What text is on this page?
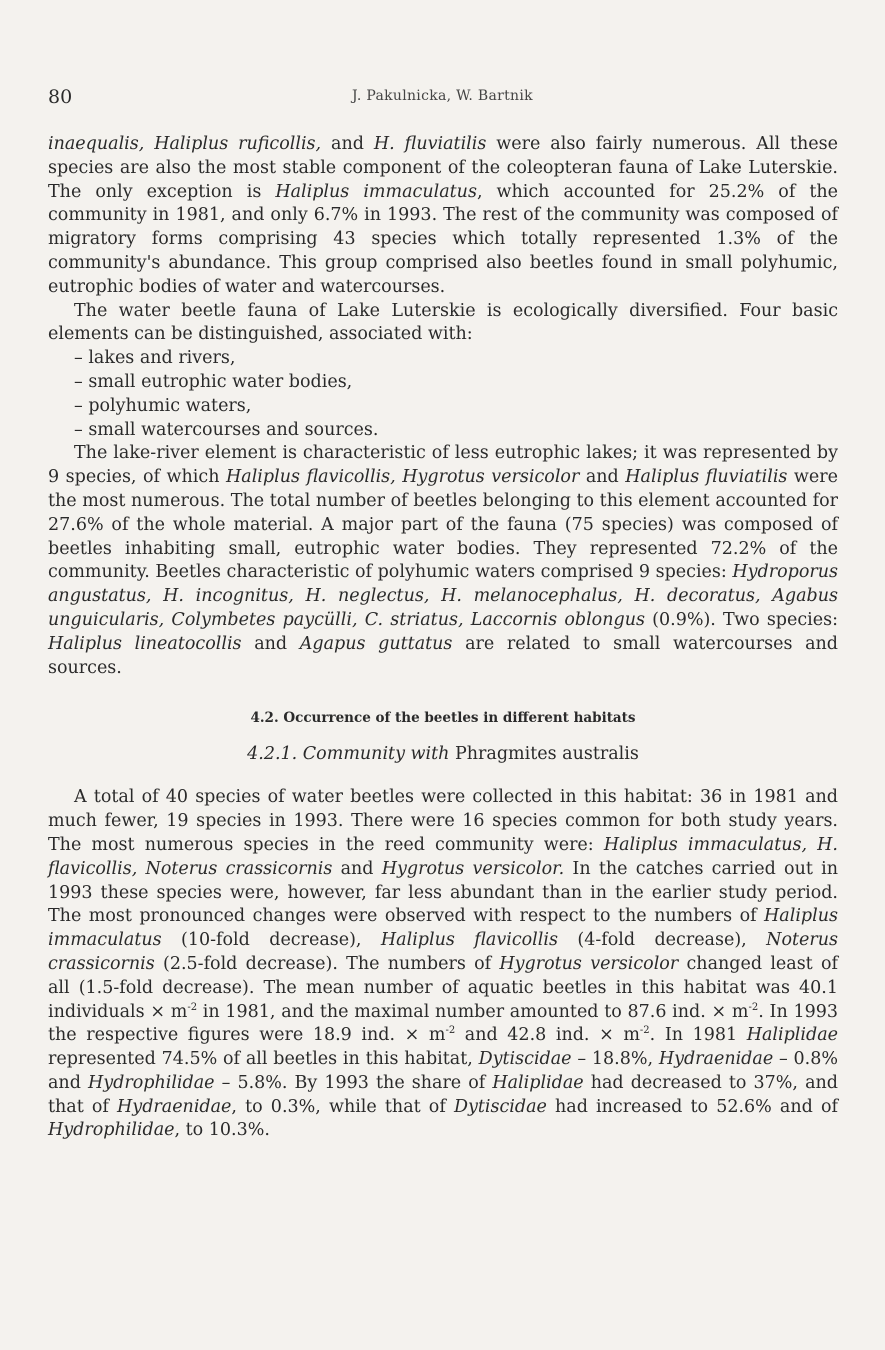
80	J. Pakulnicka, W. Bartnik

inaequalis, Haliplus ruficollis, and H. fluviatilis were also fairly numerous. All these species are also the most stable component of the coleopteran fauna of Lake Luterskie. The only exception is Haliplus immaculatus, which accounted for 25.2% of the community in 1981, and only 6.7% in 1993. The rest of the community was composed of migratory forms comprising 43 species which totally represented 1.3% of the community's abundance. This group comprised also beetles found in small polyhumic, eutrophic bodies of water and watercourses.

The water beetle fauna of Lake Luterskie is ecologically diversified. Four basic elements can be distinguished, associated with:

– lakes and rivers,
– small eutrophic water bodies,
– polyhumic waters,
– small watercourses and sources.

The lake-river element is characteristic of less eutrophic lakes; it was represented by 9 species, of which Haliplus flavicollis, Hygrotus versicolor and Haliplus fluviatilis were the most numerous. The total number of beetles belonging to this element accounted for 27.6% of the whole material. A major part of the fauna (75 species) was composed of beetles inhabiting small, eutrophic water bodies. They represented 72.2% of the community. Beetles characteristic of polyhumic waters comprised 9 species: Hydroporus angustatus, H. incognitus, H. neglectus, H. melanocephalus, H. decoratus, Agabus unguicularis, Colymbetes paycülli, C. striatus, Laccornis oblongus (0.9%). Two species: Haliplus lineatocollis and Agapus guttatus are related to small watercourses and sources.

4.2. Occurrence of the beetles in different habitats
4.2.1. Community with Phragmites australis

A total of 40 species of water beetles were collected in this habitat: 36 in 1981 and much fewer, 19 species in 1993. There were 16 species common for both study years. The most numerous species in the reed community were: Haliplus immaculatus, H. flavicollis, Noterus crassicornis and Hygrotus versicolor. In the catches carried out in 1993 these species were, however, far less abundant than in the earlier study period. The most pronounced changes were observed with respect to the numbers of Haliplus immaculatus (10-fold decrease), Haliplus flavicollis (4-fold decrease), Noterus crassicornis (2.5-fold decrease). The numbers of Hygrotus versicolor changed least of all (1.5-fold decrease). The mean number of aquatic beetles in this habitat was 40.1 individuals × $m^{-2}$ in 1981, and the maximal number amounted to 87.6 ind. × $m^{-2}$. In 1993 the respective figures were 18.9 ind. × $m^{-2}$ and 42.8 ind. × $m^{-2}$. In 1981 Haliplidae represented 74.5% of all beetles in this habitat, Dytiscidae – 18.8%, Hydraenidae – 0.8% and Hydrophilidae – 5.8%. By 1993 the share of Haliplidae had decreased to 37%, and that of Hydraenidae, to 0.3%, while that of Dytiscidae had increased to 52.6% and of Hydrophilidae, to 10.3%.
